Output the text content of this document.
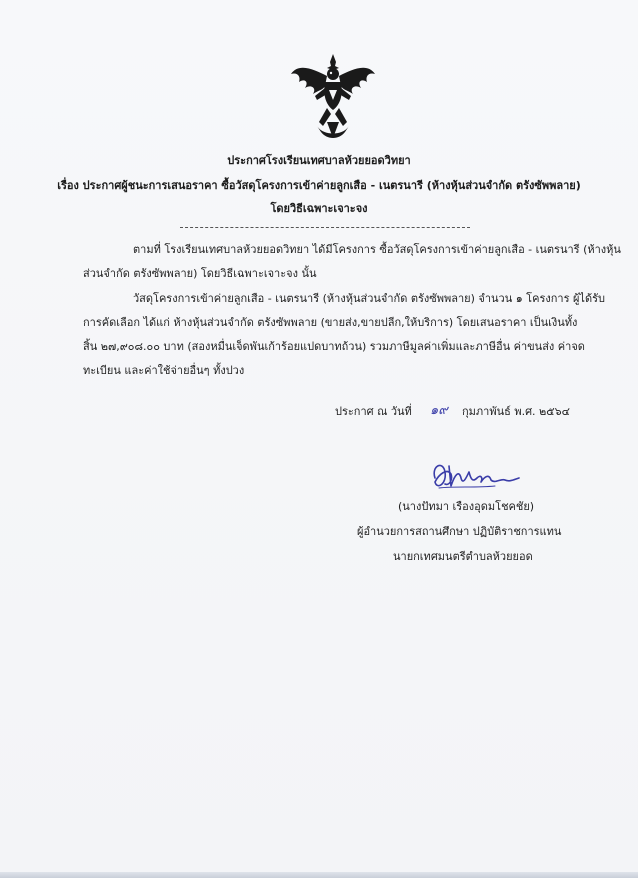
ประกาศโรงเรียนเทศบาลห้วยยอดวิทยา
เรื่อง ประกาศผู้ชนะการเสนอราคา ซื้อวัสดุโครงการเข้าค่ายลูกเสือ - เนตรนารี (ห้างหุ้นส่วนจำกัด ตรังซัพพลาย)
โดยวิธีเฉพาะเจาะจง
ตามที่ โรงเรียนเทศบาลห้วยยอดวิทยา ได้มีโครงการ ซื้อวัสดุโครงการเข้าค่ายลูกเสือ - เนตรนารี (ห้างหุ้น
ส่วนจำกัด ตรังซัพพลาย) โดยวิธีเฉพาะเจาะจง นั้น
วัสดุโครงการเข้าค่ายลูกเสือ - เนตรนารี (ห้างหุ้นส่วนจำกัด ตรังซัพพลาย) จำนวน ๑ โครงการ ผู้ได้รับ
การคัดเลือก ได้แก่ ห้างหุ้นส่วนจำกัด ตรังซัพพลาย (ขายส่ง,ขายปลีก,ให้บริการ) โดยเสนอราคา เป็นเงินทั้ง
สิ้น ๒๗,๙๐๘.๐๐ บาท (สองหมื่นเจ็ดพันเก้าร้อยแปดบาทถ้วน) รวมภาษีมูลค่าเพิ่มและภาษีอื่น ค่าขนส่ง ค่าจด
ทะเบียน และค่าใช้จ่ายอื่นๆ ทั้งปวง
ประกาศ ณ วันที่ ๑๙ กุมภาพันธ์ พ.ศ. ๒๕๖๔
(นางปัทมา เรืองอุดมโชคชัย)
ผู้อำนวยการสถานศึกษา ปฏิบัติราชการแทน
นายกเทศมนตรีตำบลห้วยยอด
